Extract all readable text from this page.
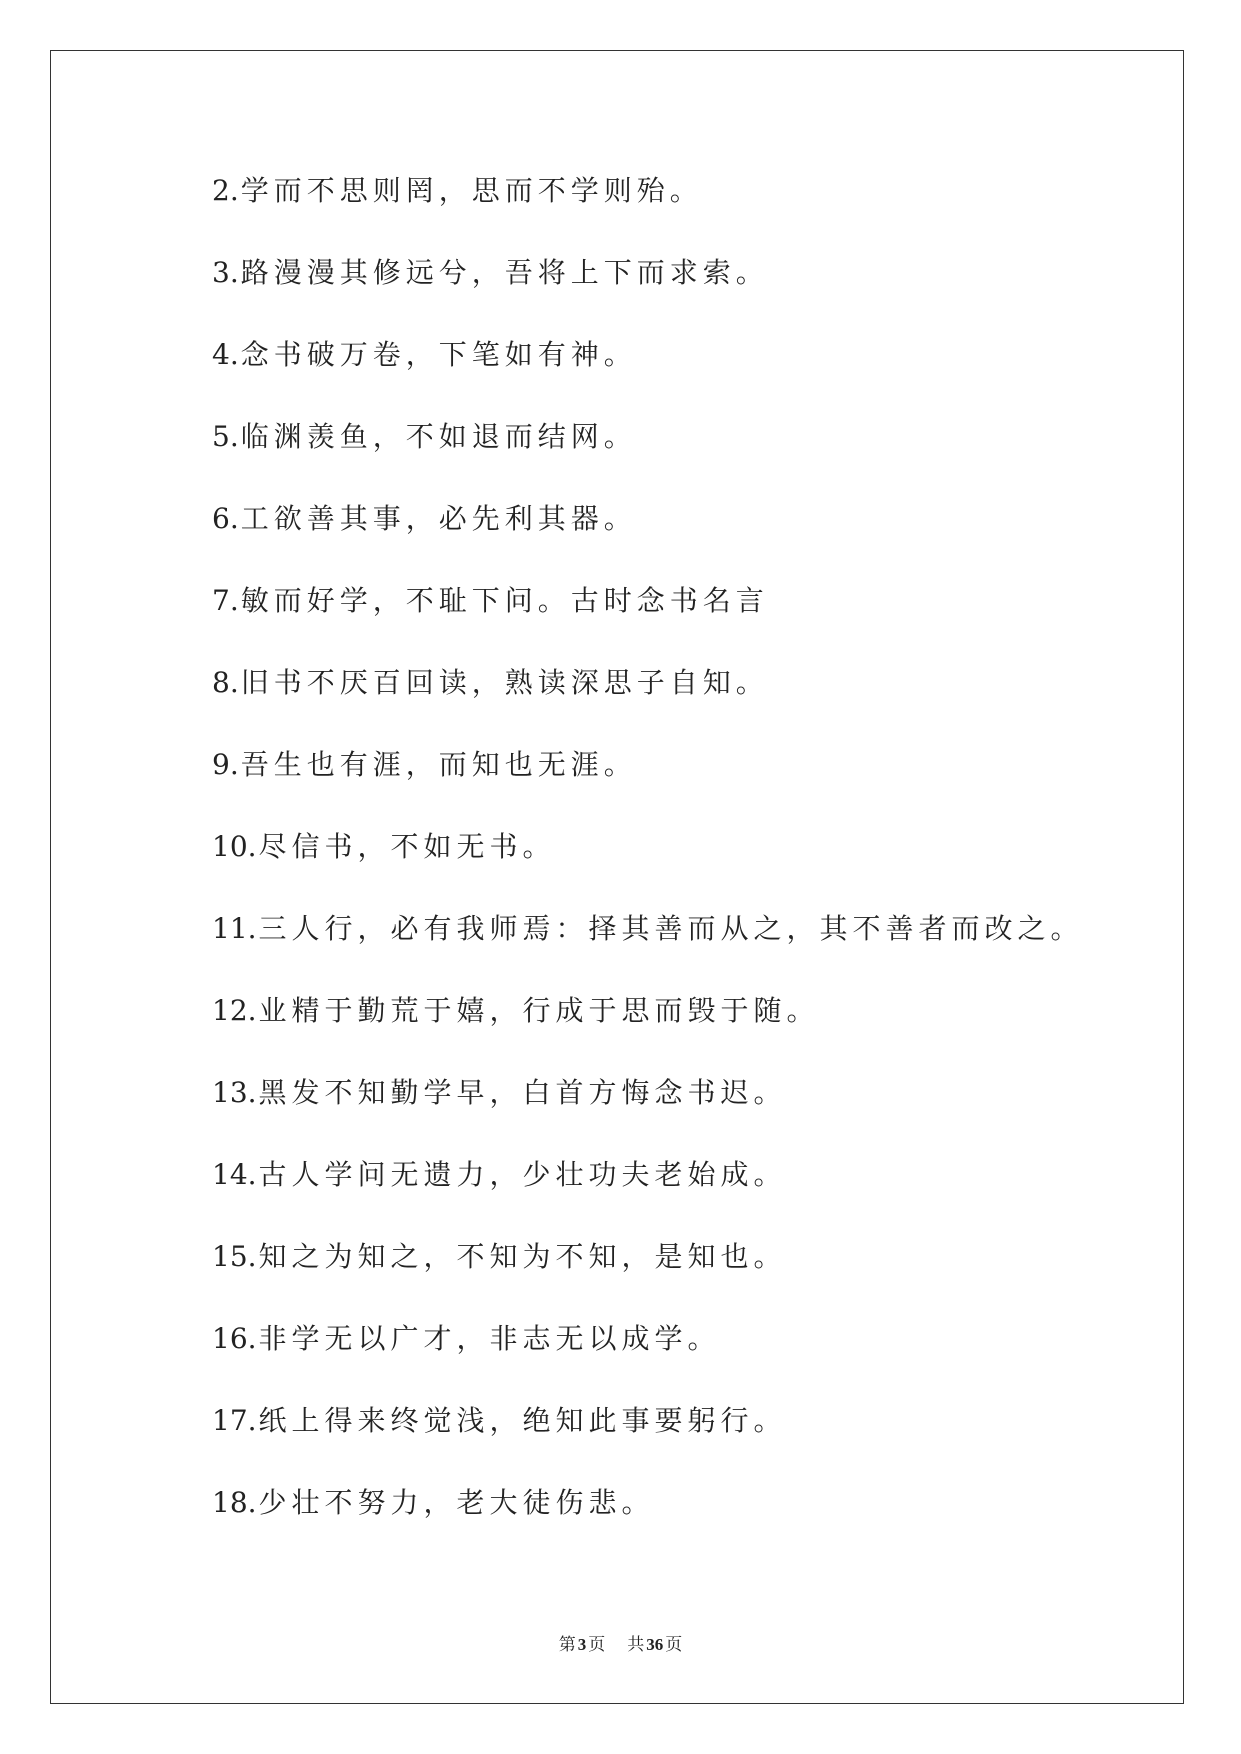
2.学而不思则罔，思而不学则殆。
3.路漫漫其修远兮，吾将上下而求索。
4.念书破万卷，下笔如有神。
5.临渊羡鱼，不如退而结网。
6.工欲善其事，必先利其器。
7.敏而好学，不耻下问。古时念书名言
8.旧书不厌百回读，熟读深思子自知。
9.吾生也有涯，而知也无涯。
10.尽信书，不如无书。
11.三人行，必有我师焉：择其善而从之，其不善者而改之。
12.业精于勤荒于嬉，行成于思而毁于随。
13.黑发不知勤学早，白首方悔念书迟。
14.古人学问无遗力，少壮功夫老始成。
15.知之为知之，不知为不知，是知也。
16.非学无以广才，非志无以成学。
17.纸上得来终觉浅，绝知此事要躬行。
18.少壮不努力，老大徒伤悲。
第 3 页 共 36 页
